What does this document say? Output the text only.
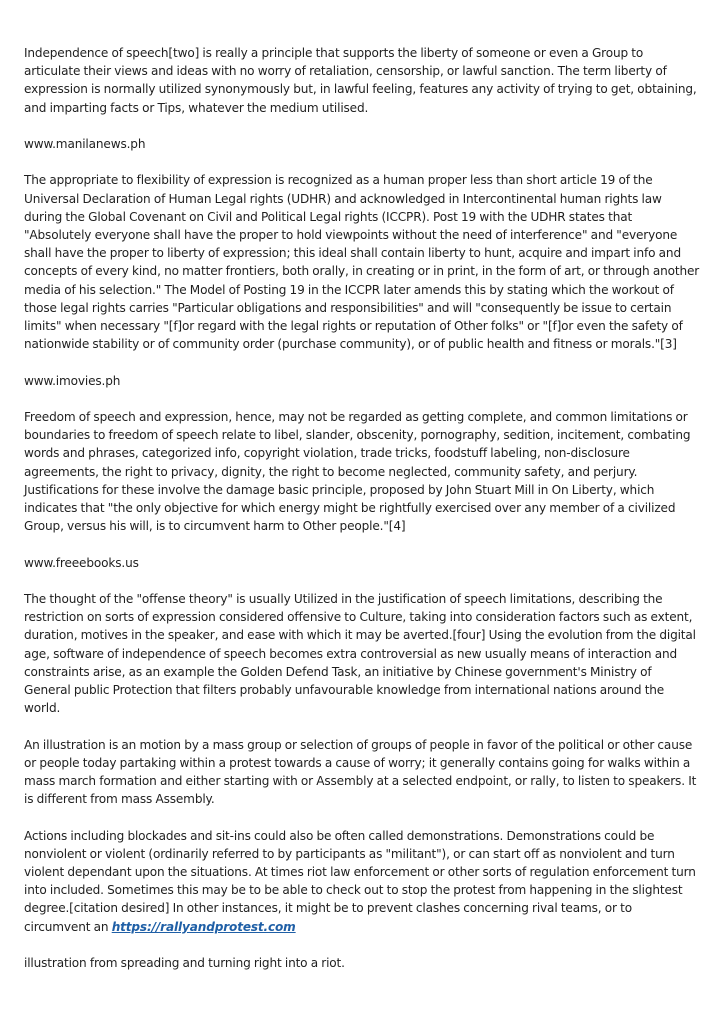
Independence of speech[two] is really a principle that supports the liberty of someone or even a Group to articulate their views and ideas with no worry of retaliation, censorship, or lawful sanction. The term liberty of expression is normally utilized synonymously but, in lawful feeling, features any activity of trying to get, obtaining, and imparting facts or Tips, whatever the medium utilised.

www.manilanews.ph

The appropriate to flexibility of expression is recognized as a human proper less than short article 19 of the Universal Declaration of Human Legal rights (UDHR) and acknowledged in Intercontinental human rights law during the Global Covenant on Civil and Political Legal rights (ICCPR). Post 19 with the UDHR states that "Absolutely everyone shall have the proper to hold viewpoints without the need of interference" and "everyone shall have the proper to liberty of expression; this ideal shall contain liberty to hunt, acquire and impart info and concepts of every kind, no matter frontiers, both orally, in creating or in print, in the form of art, or through another media of his selection." The Model of Posting 19 in the ICCPR later amends this by stating which the workout of those legal rights carries "Particular obligations and responsibilities" and will "consequently be issue to certain limits" when necessary "[f]or regard with the legal rights or reputation of Other folks" or "[f]or even the safety of nationwide stability or of community order (purchase community), or of public health and fitness or morals."[3]

www.imovies.ph

Freedom of speech and expression, hence, may not be regarded as getting complete, and common limitations or boundaries to freedom of speech relate to libel, slander, obscenity, pornography, sedition, incitement, combating words and phrases, categorized info, copyright violation, trade tricks, foodstuff labeling, non-disclosure agreements, the right to privacy, dignity, the right to become neglected, community safety, and perjury. Justifications for these involve the damage basic principle, proposed by John Stuart Mill in On Liberty, which indicates that "the only objective for which energy might be rightfully exercised over any member of a civilized Group, versus his will, is to circumvent harm to Other people."[4]

www.freeebooks.us

The thought of the "offense theory" is usually Utilized in the justification of speech limitations, describing the restriction on sorts of expression considered offensive to Culture, taking into consideration factors such as extent, duration, motives in the speaker, and ease with which it may be averted.[four] Using the evolution from the digital age, software of independence of speech becomes extra controversial as new usually means of interaction and constraints arise, as an example the Golden Defend Task, an initiative by Chinese government's Ministry of General public Protection that filters probably unfavourable knowledge from international nations around the world.

An illustration is an motion by a mass group or selection of groups of people in favor of the political or other cause or people today partaking within a protest towards a cause of worry; it generally contains going for walks within a mass march formation and either starting with or Assembly at a selected endpoint, or rally, to listen to speakers. It is different from mass Assembly.

Actions including blockades and sit-ins could also be often called demonstrations. Demonstrations could be nonviolent or violent (ordinarily referred to by participants as "militant"), or can start off as nonviolent and turn violent dependant upon the situations. At times riot law enforcement or other sorts of regulation enforcement turn into included. Sometimes this may be to be able to check out to stop the protest from happening in the slightest degree.[citation desired] In other instances, it might be to prevent clashes concerning rival teams, or to circumvent an https://rallyandprotest.com

illustration from spreading and turning right into a riot.
